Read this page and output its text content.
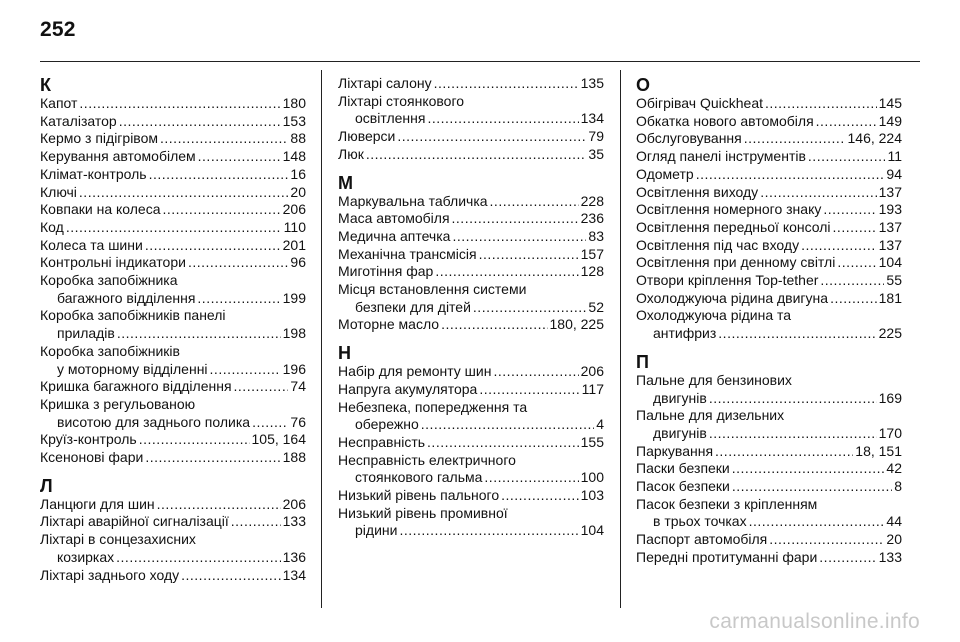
252
К
Капот .....	180
Каталізатор .....	153
Кермо з підігрівом .....	88
Керування автомобілем .....	148
Клімат-контроль .....	16
Ключі .....	20
Ковпаки на колеса .....	206
Код .....	110
Колеса та шини .....	201
Контрольні індикатори .....	96
Коробка запобіжника
багажного відділення .....	199
Коробка запобіжників панелі
приладів .....	198
Коробка запобіжників
у моторному відділенні .....	196
Кришка багажного відділення .....	74
Кришка з регульованою
висотою для заднього полика .....	76
Круїз-контроль .....	105, 164
Ксенонові фари .....	188
Л
Ланцюги для шин .....	206
Ліхтарі аварійної сигналізації .....	133
Ліхтарі в сонцезахисних
козирках .....	136
Ліхтарі заднього ходу .....	134
Ліхтарі салону .....	135
Ліхтарі стоянкового
освітлення .....	134
Люверси .....	79
Люк .....	35
М
Маркувальна табличка .....	228
Маса автомобіля .....	236
Медична аптечка .....	83
Механічна трансмісія .....	157
Миготіння фар .....	128
Місця встановлення системи
безпеки для дітей .....	52
Моторне масло .....	180, 225
Н
Набір для ремонту шин .....	206
Напруга акумулятора .....	117
Небезпека, попередження та
обережно .....	4
Несправність .....	155
Несправність електричного
стоянкового гальма .....	100
Низький рівень пального .....	103
Низький рівень промивної
рідини .....	104
О
Обігрівач Quickheat .....	145
Обкатка нового автомобіля .....	149
Обслуговування .....	146, 224
Огляд панелі інструментів .....	11
Одометр .....	94
Освітлення виходу .....	137
Освітлення номерного знаку .....	193
Освітлення передньої консолі .....	137
Освітлення під час входу .....	137
Освітлення при денному світлі .....	104
Отвори кріплення Top-tether .....	55
Охолоджуюча рідина двигуна .....	181
Охолоджуюча рідина та
антифриз .....	225
П
Пальне для бензинових
двигунів .....	169
Пальне для дизельних
двигунів .....	170
Паркування .....	18, 151
Паски безпеки .....	42
Пасок безпеки .....	8
Пасок безпеки з кріпленням
в трьох точках .....	44
Паспорт автомобіля .....	20
Передні протитуманні фари .....	133
carmanualsonline.info
